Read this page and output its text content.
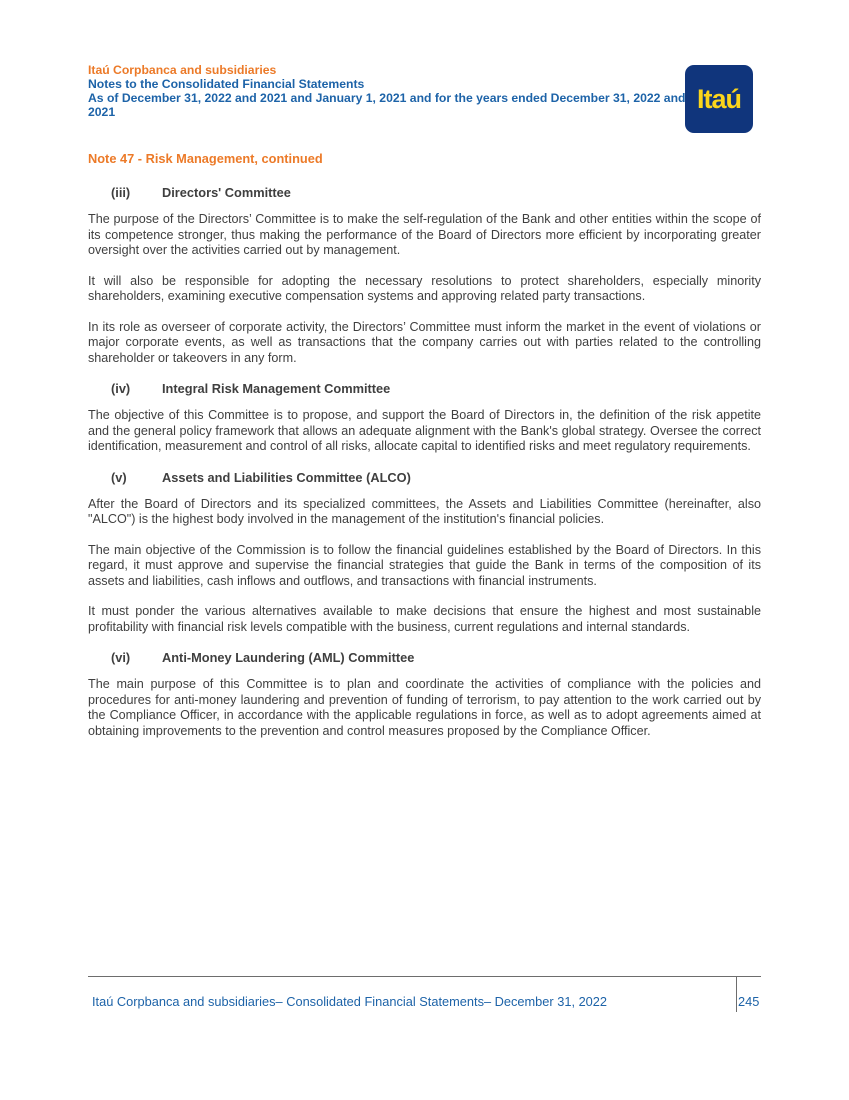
Itaú Corpbanca and subsidiaries
Notes to the Consolidated Financial Statements
As of December 31, 2022 and 2021 and January 1, 2021 and for the years ended December 31, 2022 and 2021	Itaú
Note 47 - Risk Management, continued
(iii) Directors' Committee

The purpose of the Directors’ Committee is to make the self-regulation of the Bank and other entities within the scope of its competence stronger, thus making the performance of the Board of Directors more efficient by incorporating greater oversight over the activities carried out by management.

It will also be responsible for adopting the necessary resolutions to protect shareholders, especially minority shareholders, examining executive compensation systems and approving related party transactions.

In its role as overseer of corporate activity, the Directors’ Committee must inform the market in the event of violations or major corporate events, as well as transactions that the company carries out with parties related to the controlling shareholder or takeovers in any form.

(iv) Integral Risk Management Committee

The objective of this Committee is to propose, and support the Board of Directors in, the definition of the risk appetite and the general policy framework that allows an adequate alignment with the Bank's global strategy. Oversee the correct identification, measurement and control of all risks, allocate capital to identified risks and meet regulatory requirements.

(v)	Assets and Liabilities Committee (ALCO)

After the Board of Directors and its specialized committees, the Assets and Liabilities Committee (hereinafter, also "ALCO") is the highest body involved in the management of the institution's financial policies.

The main objective of the Commission is to follow the financial guidelines established by the Board of Directors. In this regard, it must approve and supervise the financial strategies that guide the Bank in terms of the composition of its assets and liabilities, cash inflows and outflows, and transactions with financial instruments.

It must ponder the various alternatives available to make decisions that ensure the highest and most sustainable profitability with financial risk levels compatible with the business, current regulations and internal standards.

(vi) Anti-Money Laundering (AML) Committee

The main purpose of this Committee is to plan and coordinate the activities of compliance with the policies and procedures for anti-money laundering and prevention of funding of terrorism, to pay attention to the work carried out by the Compliance Officer, in accordance with the applicable regulations in force, as well as to adopt agreements aimed at obtaining improvements to the prevention and control measures proposed by the Compliance Officer.

Itaú Corpbanca and subsidiaries– Consolidated Financial Statements– December 31, 2022	245
